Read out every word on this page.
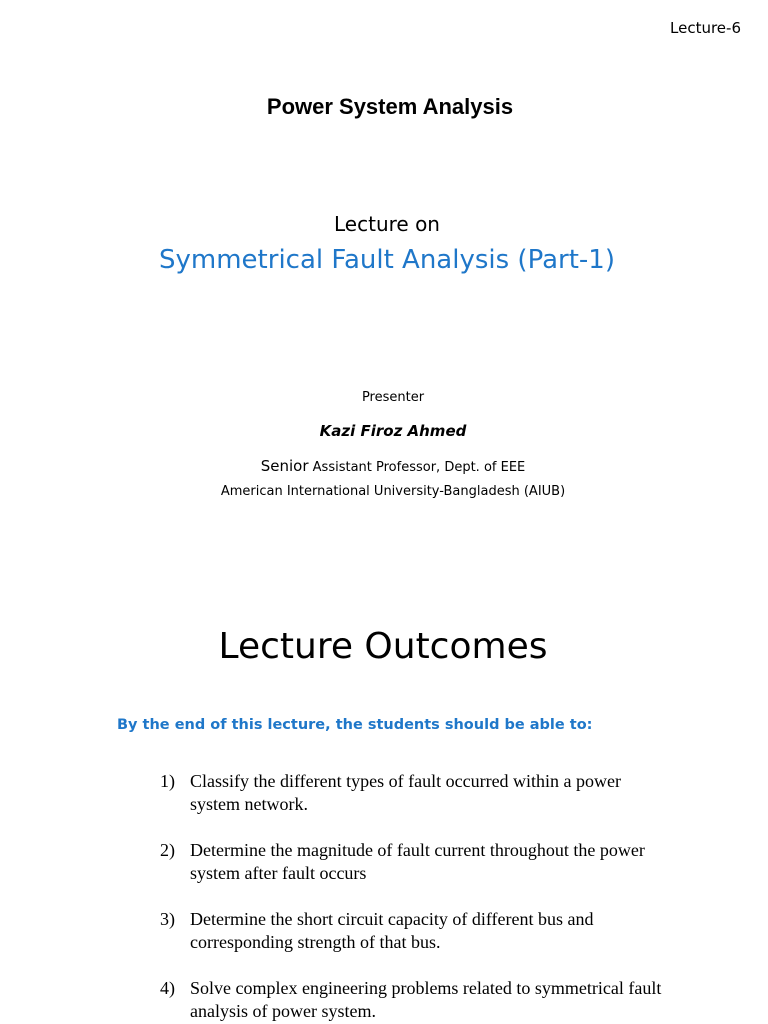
Lecture-6
Power System Analysis
Lecture on
Symmetrical Fault Analysis (Part-1)
Presenter
Kazi Firoz Ahmed
Senior Assistant Professor, Dept. of EEE
American International University-Bangladesh (AIUB)
Lecture Outcomes
By the end of this lecture, the students should be able to:
1) Classify the different types of fault occurred within a power system network.
2) Determine the magnitude of fault current throughout the power system after fault occurs
3) Determine the short circuit capacity of different bus and corresponding strength of that bus.
4) Solve complex engineering problems related to symmetrical fault analysis of power system.
